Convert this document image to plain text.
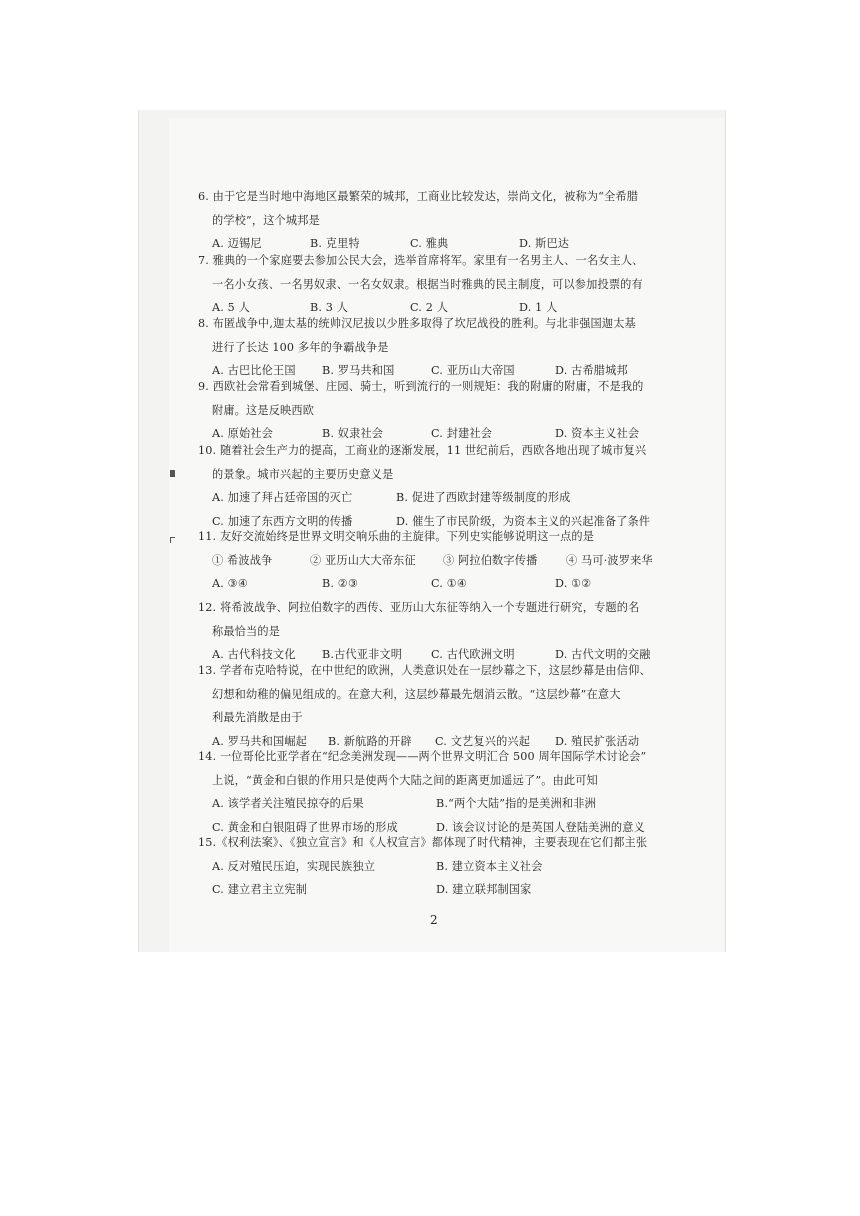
6. 由于它是当时地中海地区最繁荣的城邦，工商业比较发达，崇尚文化，被称为“全希腊
的学校”，这个城邦是
A. 迈锡尼	B. 克里特	C. 雅典	D. 斯巴达
7. 雅典的一个家庭要去参加公民大会，选举首席将军。家里有一名男主人、一名女主人、
一名小女孩、一名男奴隶、一名女奴隶。根据当时雅典的民主制度，可以参加投票的有
A. 5 人	B. 3 人	C. 2 人	D. 1 人
8. 布匿战争中,迦太基的统帅汉尼拔以少胜多取得了坎尼战役的胜利。与北非强国迦太基
进行了长达 100 多年的争霸战争是
A. 古巴比伦王国 B. 罗马共和国	C. 亚历山大帝国	D. 古希腊城邦
9. 西欧社会常看到城堡、庄园、骑士，听到流行的一则规矩：我的附庸的附庸，不是我的
附庸。这是反映西欧
A. 原始社会	B. 奴隶社会	C. 封建社会	D. 资本主义社会
10. 随着社会生产力的提高，工商业的逐渐发展，11 世纪前后，西欧各地出现了城市复兴
的景象。城市兴起的主要历史意义是
A. 加速了拜占廷帝国的灭亡	B. 促进了西欧封建等级制度的形成
C. 加速了东西方文明的传播	D. 催生了市民阶级，为资本主义的兴起准备了条件
11. 友好交流始终是世界文明交响乐曲的主旋律。下列史实能够说明这一点的是
① 希波战争	② 亚历山大大帝东征 ③ 阿拉伯数字传播	④ 马可·波罗来华
A. ③④	B. ②③	C. ①④	D. ①②
12. 将希波战争、阿拉伯数字的西传、亚历山大东征等纳入一个专题进行研究，专题的名
称最恰当的是
A. 古代科技文化 B.古代亚非文明	C. 古代欧洲文明	D. 古代文明的交融
13. 学者布克哈特说，在中世纪的欧洲，人类意识处在一层纱幕之下，这层纱幕是由信仰、
幻想和幼稚的偏见组成的。在意大利，这层纱幕最先烟消云散。“这层纱幕”在意大
利最先消散是由于
A. 罗马共和国崛起 B. 新航路的开辟 C. 文艺复兴的兴起 D. 殖民扩张活动
14. 一位哥伦比亚学者在“纪念美洲发现——两个世界文明汇合 500 周年国际学术讨论会”
上说，“黄金和白银的作用只是使两个大陆之间的距离更加遥远了”。由此可知
A. 该学者关注殖民掠夺的后果	B.“两个大陆”指的是美洲和非洲
C. 黄金和白银阻碍了世界市场的形成	D. 该会议讨论的是英国人登陆美洲的意义
15.《权利法案》、《独立宣言》和《人权宣言》都体现了时代精神，主要表现在它们都主张
A. 反对殖民压迫，实现民族独立	B. 建立资本主义社会
C. 建立君主立宪制	D. 建立联邦制国家
2
